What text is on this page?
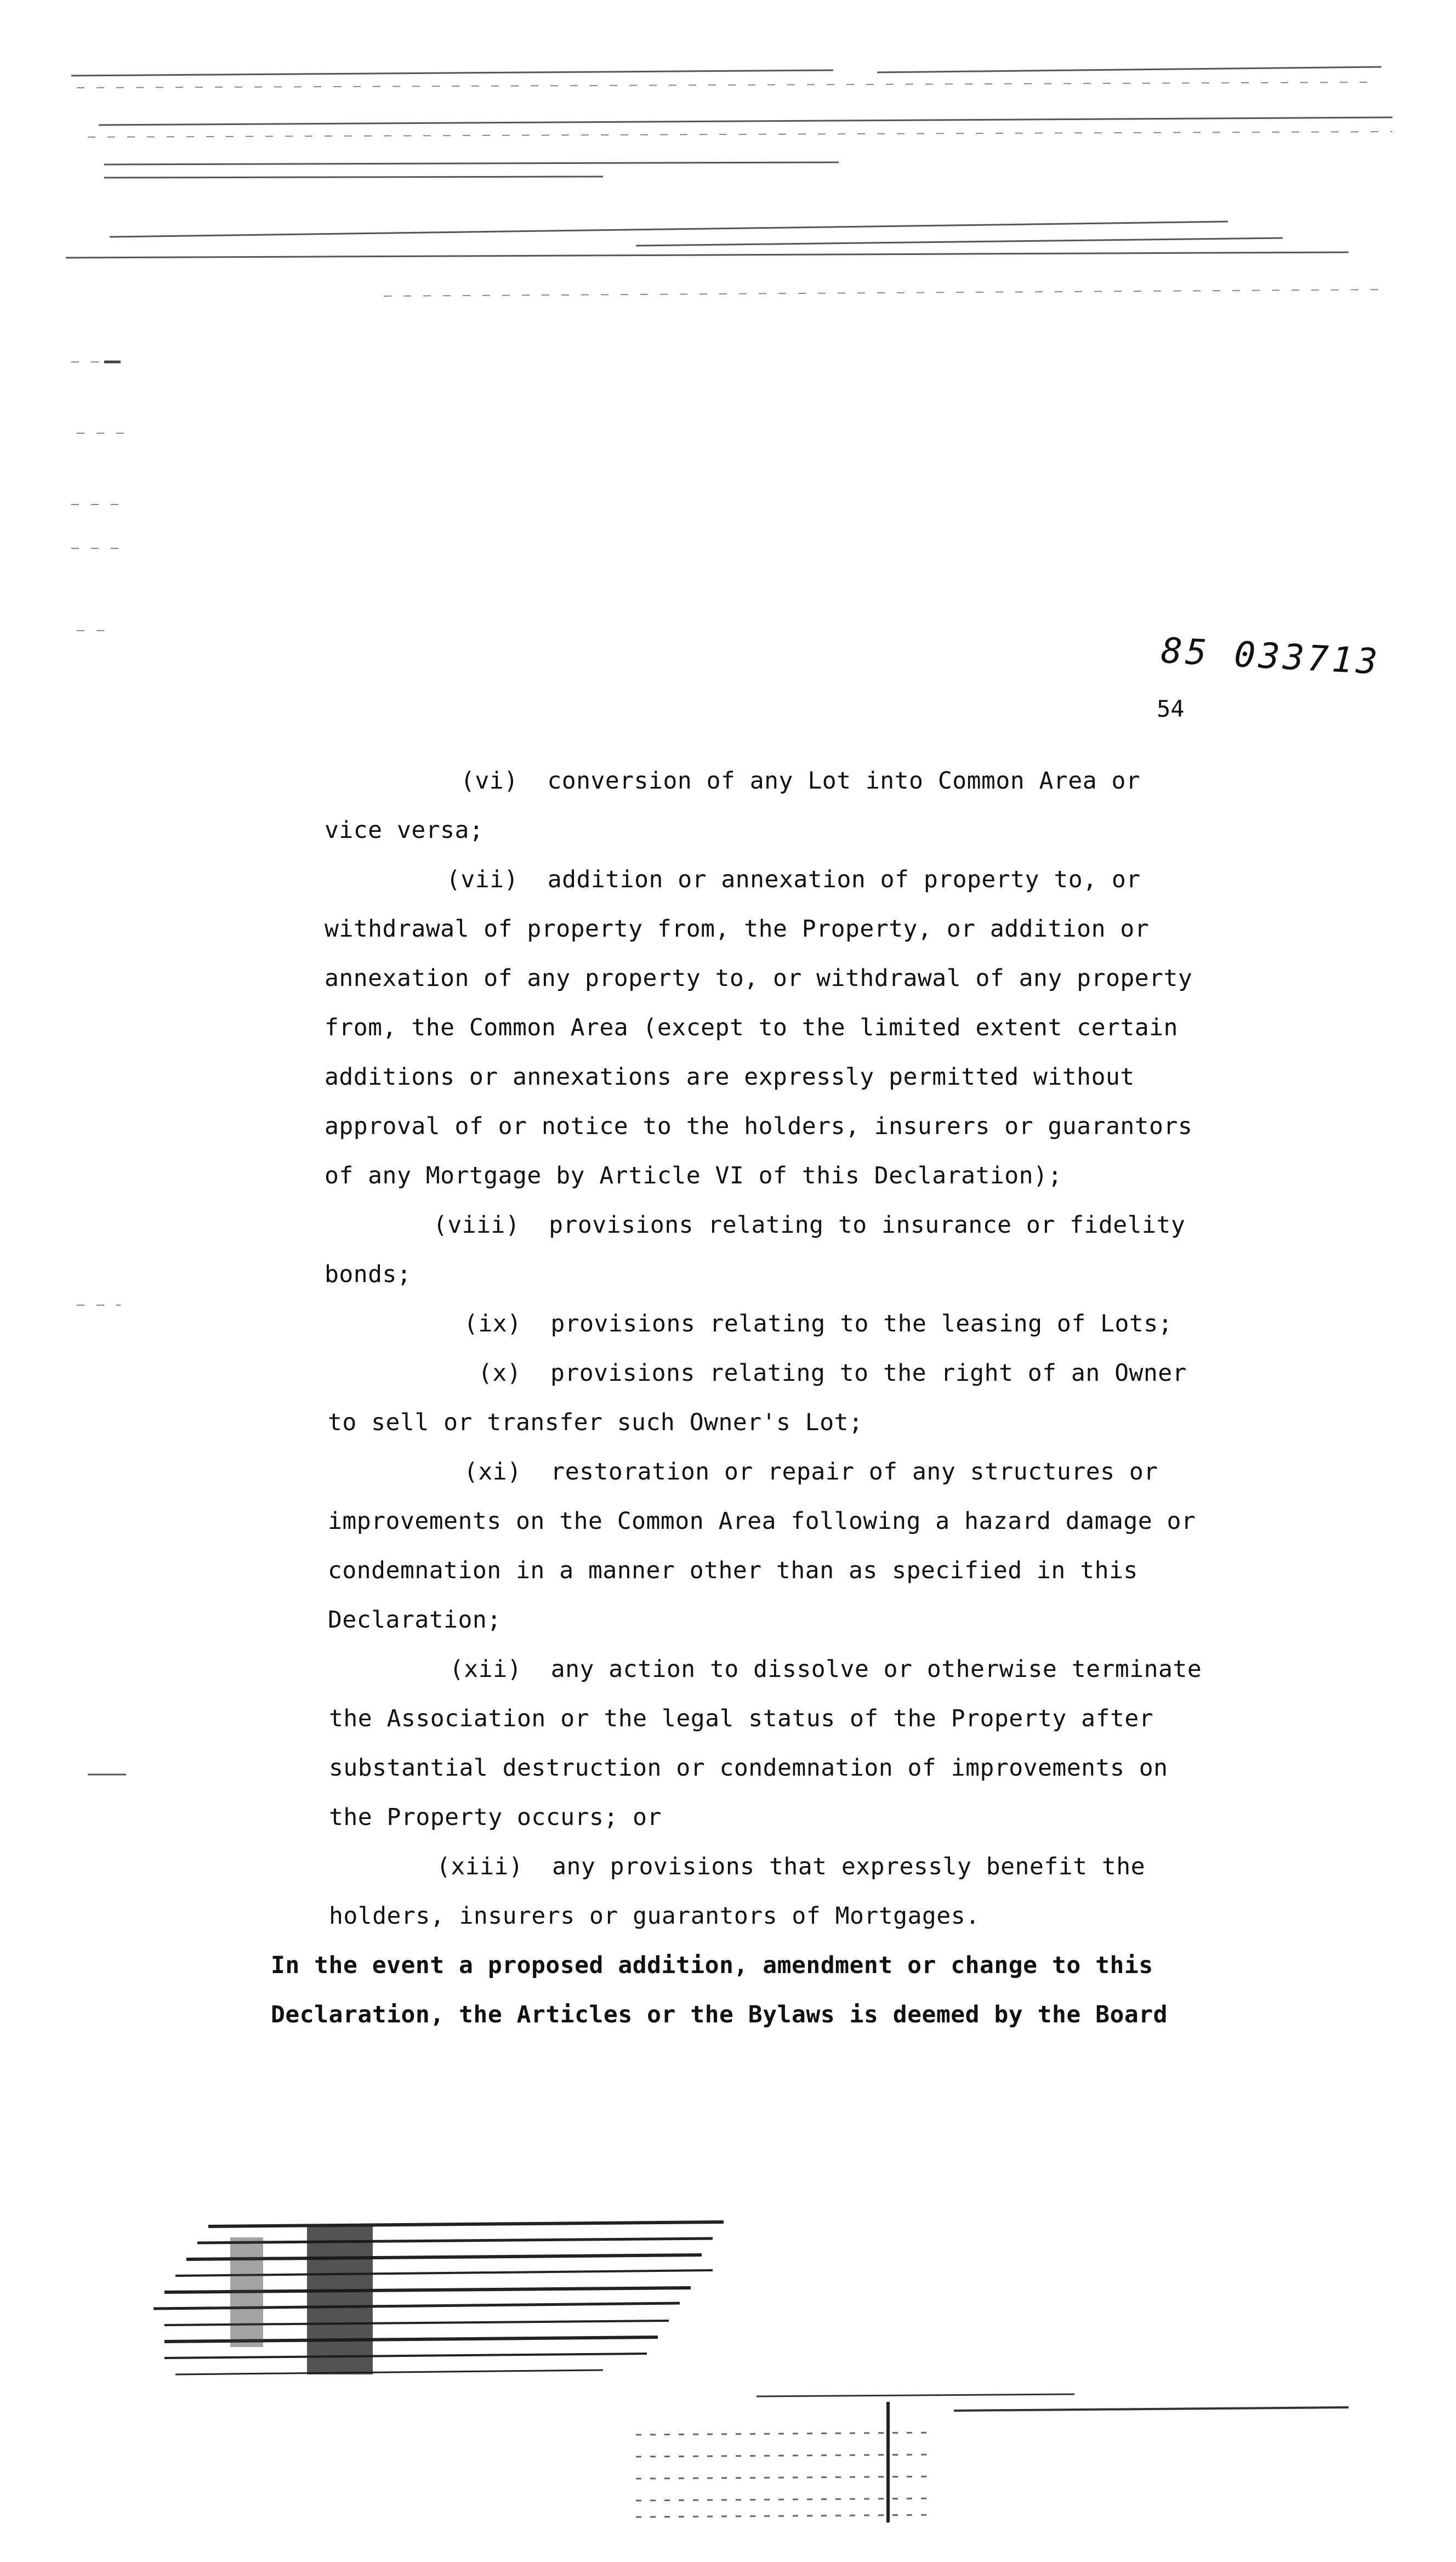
85 033713
54
(vi) conversion of any Lot into Common Area or
vice versa;
(vii) addition or annexation of property to, or
withdrawal of property from, the Property, or addition or
annexation of any property to, or withdrawal of any property
from, the Common Area (except to the limited extent certain
additions or annexations are expressly permitted without
approval of or notice to the holders, insurers or guarantors
of any Mortgage by Article VI of this Declaration);
(viii) provisions relating to insurance or fidelity
bonds;
(ix) provisions relating to the leasing of Lots;
(x) provisions relating to the right of an Owner
to sell or transfer such Owner's Lot;
(xi) restoration or repair of any structures or
improvements on the Common Area following a hazard damage or
condemnation in a manner other than as specified in this
Declaration;
(xii) any action to dissolve or otherwise terminate
the Association or the legal status of the Property after
substantial destruction or condemnation of improvements on
the Property occurs; or
(xiii) any provisions that expressly benefit the
holders, insurers or guarantors of Mortgages.
In the event a proposed addition, amendment or change to this
Declaration, the Articles or the Bylaws is deemed by the Board
